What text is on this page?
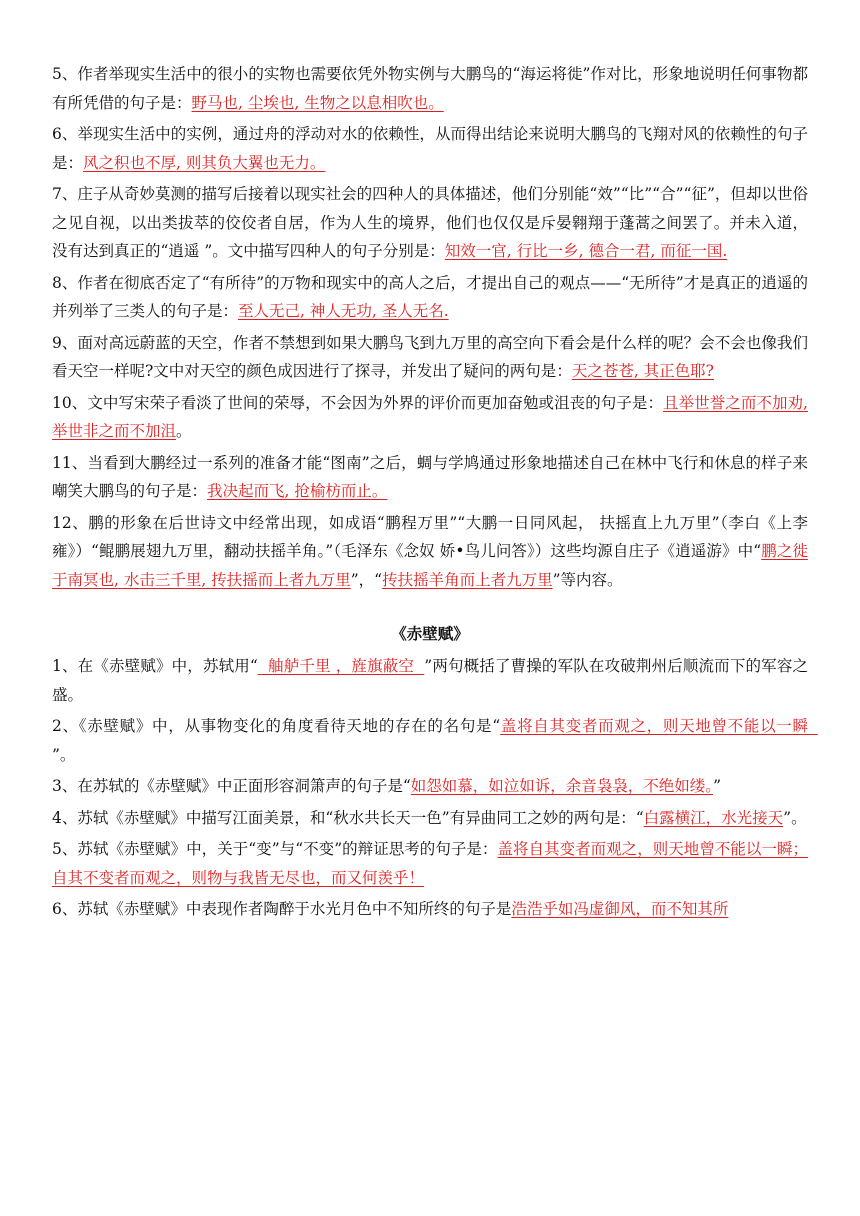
5、作者举现实生活中的很小的实物也需要依凭外物实例与大鹏鸟的“海运将徙”作对比，形象地说明任何事物都有所凭借的句子是：野马也, 尘埃也, 生物之以息相吹也。

6、举现实生活中的实例，通过舟的浮动对水的依赖性，从而得出结论来说明大鹏鸟的飞翔对风的依赖性的句子是：风之积也不厚, 则其负大翼也无力。

7、庄子从奇妙莫测的描写后接着以现实社会的四种人的具体描述，他们分别能“效”“比”“合”“征”，但却以世俗之见自视，以出类拔萃的佼佼者自居，作为人生的境界，他们也仅仅是斥晏翱翔于蓬蒿之间罢了。并未入道，没有达到真正的“逍遥 ”。文中描写四种人的句子分别是：知效一官, 行比一乡, 德合一君, 而征一国.

8、作者在彻底否定了“有所待”的万物和现实中的高人之后，才提出自己的观点——“无所待”才是真正的逍遥的并列举了三类人的句子是：至人无己, 神人无功, 圣人无名.

9、面对高远蔚蓝的天空，作者不禁想到如果大鹏鸟飞到九万里的高空向下看会是什么样的呢？会不会也像我们看天空一样呢?文中对天空的颜色成因进行了探寻，并发出了疑问的两句是：天之苍苍, 其正色耶?

10、文中写宋荣子看淡了世间的荣辱，不会因为外界的评价而更加奋勉或沮丧的句子是：且举世誉之而不加劝, 举世非之而不加沮。

11、当看到大鹏经过一系列的准备才能“图南”之后，蜩与学鸠通过形象地描述自己在林中飞行和休息的样子来嘲笑大鹏鸟的句子是：我决起而飞, 抢榆枋而止。

12、鹏的形象在后世诗文中经常出现，如成语“鹏程万里”“大鹏一日同风起， 扶摇直上九万里”（李白《上李雍》）“鲲鹏展翅九万里，翻动扶摇羊角。”（毛泽东《念奴 娇•鸟儿问答》）这些均源自庄子《逍遥游》中“鹏之徙于南冥也, 水击三千里, 抟扶摇而上者九万里”，“抟扶摇羊角而上者九万里”等内容。

《赤壁赋》

1、在《赤壁赋》中，苏轼用“  舳舻千里 ，旌旗蔽空  ”两句概括了曹操的军队在攻破荆州后顺流而下的军容之盛。

2、《赤壁赋》中，从事物变化的角度看待天地的存在的名句是“盖将自其变者而观之，则天地曾不能以一瞬  ”。

3、在苏轼的《赤壁赋》中正面形容洞箫声的句子是“如怨如慕，如泣如诉，余音袅袅，不绝如缕。”

4、苏轼《赤壁赋》中描写江面美景，和“秋水共长天一色”有异曲同工之妙的两句是：“白露横江，水光接天”。

5、苏轼《赤壁赋》中，关于“变”与“不变”的辩证思考的句子是：盖将自其变者而观之，则天地曾不能以一瞬；自其不变者而观之，则物与我皆无尽也，而又何羡乎！

6、苏轼《赤壁赋》中表现作者陶醉于水光月色中不知所终的句子是浩浩乎如冯虚御风，而不知其所
